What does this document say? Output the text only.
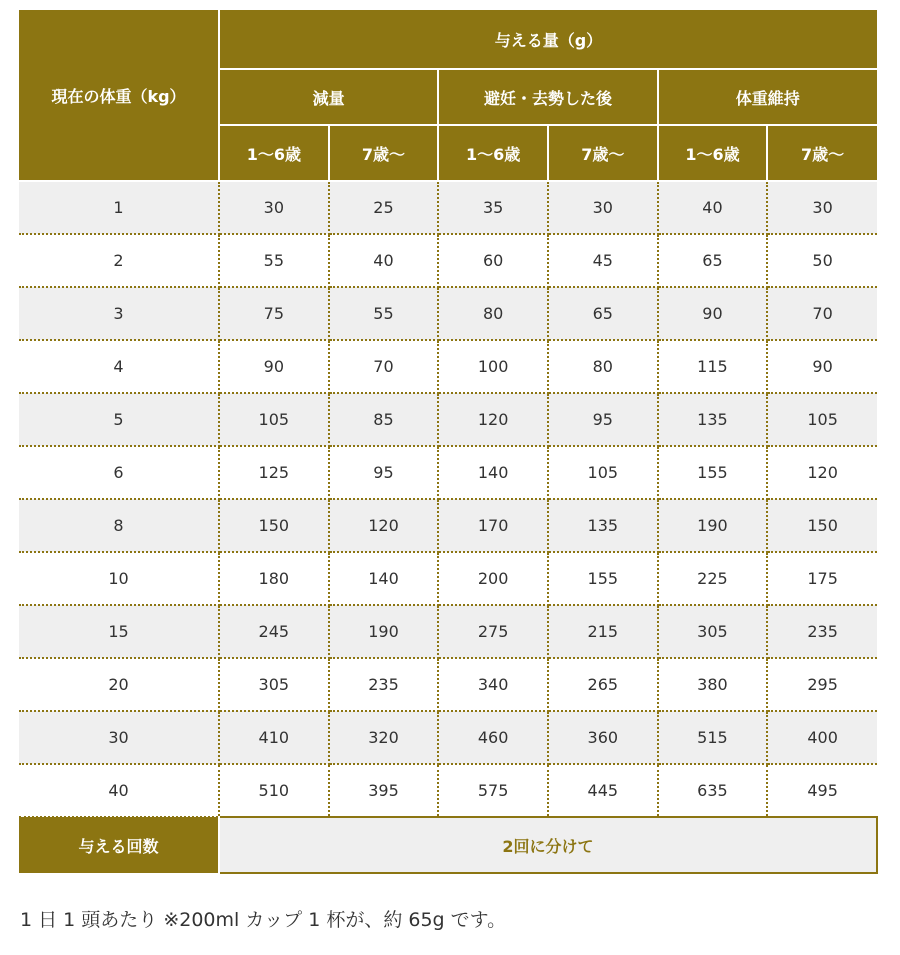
現在の体重（kg）	与える量（g）					
	減量		避妊・去勢した後		体重維持	
	1〜6歳	7歳〜	1〜6歳	7歳〜	1〜6歳	7歳〜
1	30	25	35	30	40	30
2	55	40	60	45	65	50
3	75	55	80	65	90	70
4	90	70	100	80	115	90
5	105	85	120	95	135	105
6	125	95	140	105	155	120
8	150	120	170	135	190	150
10	180	140	200	155	225	175
15	245	190	275	215	305	235
20	305	235	340	265	380	295
30	410	320	460	360	515	400
40	510	395	575	445	635	495
与える回数	2回に分けて					
1 日 1 頭あたり ※200ml カップ 1 杯が、約 65g です。
